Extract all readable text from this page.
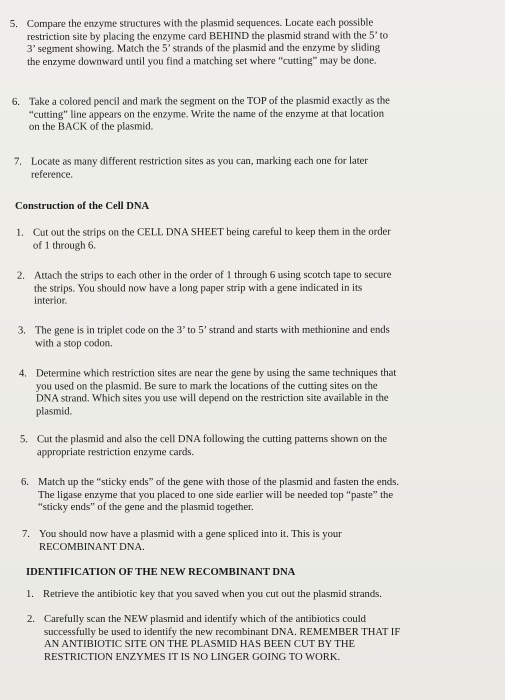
5. Compare the enzyme structures with the plasmid sequences. Locate each possible
restriction site by placing the enzyme card BEHIND the plasmid strand with the 5’ to
3’ segment showing. Match the 5’ strands of the plasmid and the enzyme by sliding
the enzyme downward until you find a matching set where “cutting” may be done.
6. Take a colored pencil and mark the segment on the TOP of the plasmid exactly as the
“cutting” line appears on the enzyme. Write the name of the enzyme at that location
on the BACK of the plasmid.
7. Locate as many different restriction sites as you can, marking each one for later
reference.
Construction of the Cell DNA
1. Cut out the strips on the CELL DNA SHEET being careful to keep them in the order
of 1 through 6.
2. Attach the strips to each other in the order of 1 through 6 using scotch tape to secure
the strips. You should now have a long paper strip with a gene indicated in its
interior.
3. The gene is in triplet code on the 3’ to 5’ strand and starts with methionine and ends
with a stop codon.
4. Determine which restriction sites are near the gene by using the same techniques that
you used on the plasmid. Be sure to mark the locations of the cutting sites on the
DNA strand. Which sites you use will depend on the restriction site available in the
plasmid.
5. Cut the plasmid and also the cell DNA following the cutting patterns shown on the
appropriate restriction enzyme cards.
6. Match up the “sticky ends” of the gene with those of the plasmid and fasten the ends.
The ligase enzyme that you placed to one side earlier will be needed top “paste” the
“sticky ends” of the gene and the plasmid together.
7. You should now have a plasmid with a gene spliced into it. This is your
RECOMBINANT DNA.
IDENTIFICATION OF THE NEW RECOMBINANT DNA
1. Retrieve the antibiotic key that you saved when you cut out the plasmid strands.
2. Carefully scan the NEW plasmid and identify which of the antibiotics could
successfully be used to identify the new recombinant DNA. REMEMBER THAT IF
AN ANTIBIOTIC SITE ON THE PLASMID HAS BEEN CUT BY THE
RESTRICTION ENZYMES IT IS NO LINGER GOING TO WORK.
